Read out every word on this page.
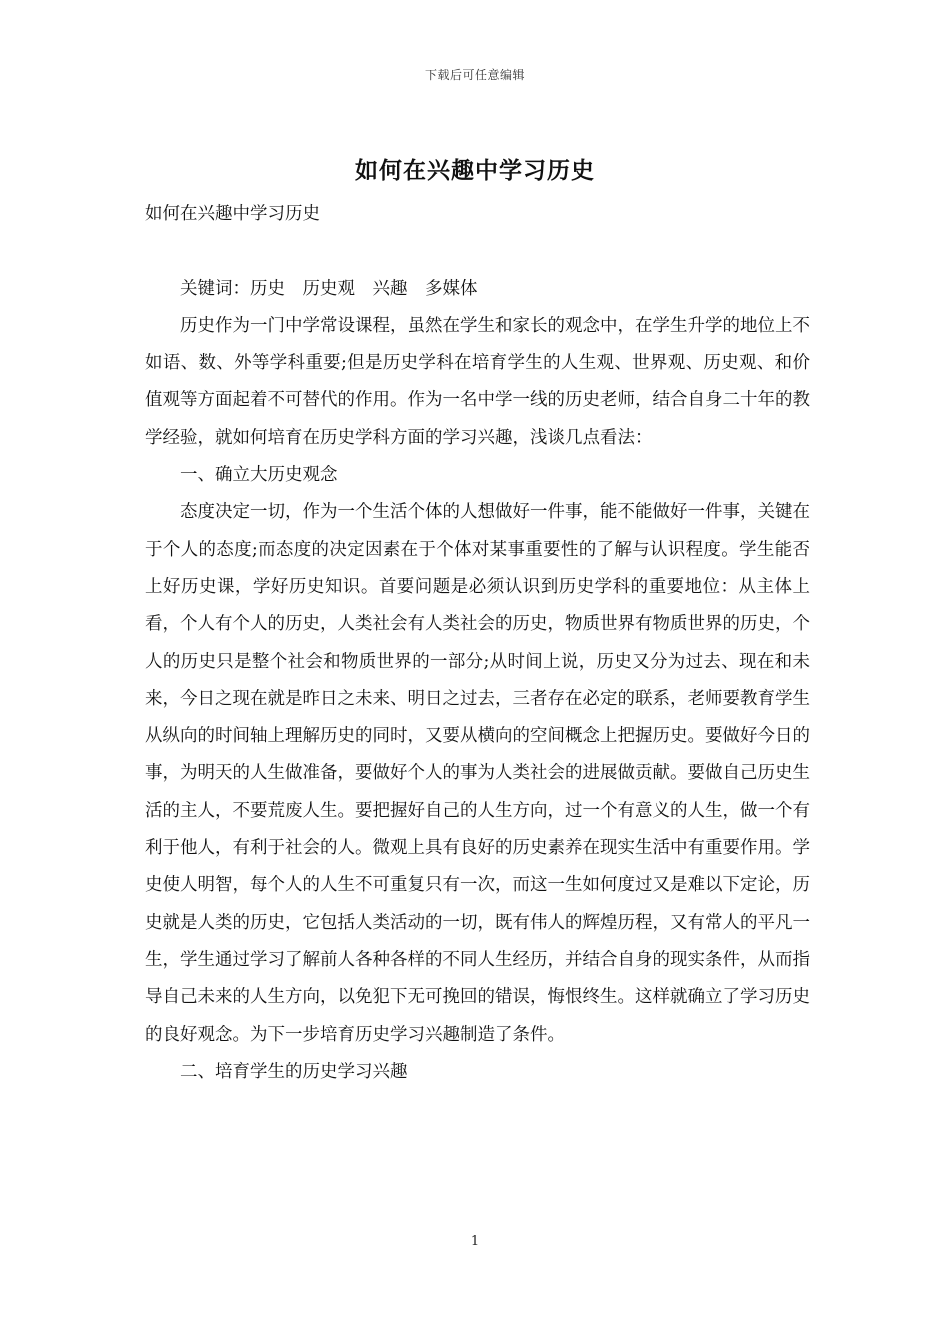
下载后可任意编辑
如何在兴趣中学习历史

如何在兴趣中学习历史

关键词：历史 历史观 兴趣 多媒体

历史作为一门中学常设课程，虽然在学生和家长的观念中，在学生升学的地位上不如语、数、外等学科重要;但是历史学科在培育学生的人生观、世界观、历史观、和价值观等方面起着不可替代的作用。作为一名中学一线的历史老师，结合自身二十年的教学经验，就如何培育在历史学科方面的学习兴趣，浅谈几点看法：

一、确立大历史观念

态度决定一切，作为一个生活个体的人想做好一件事，能不能做好一件事，关键在于个人的态度;而态度的决定因素在于个体对某事重要性的了解与认识程度。学生能否上好历史课，学好历史知识。首要问题是必须认识到历史学科的重要地位：从主体上看，个人有个人的历史，人类社会有人类社会的历史，物质世界有物质世界的历史，个人的历史只是整个社会和物质世界的一部分;从时间上说，历史又分为过去、现在和未来，今日之现在就是昨日之未来、明日之过去，三者存在必定的联系，老师要教育学生从纵向的时间轴上理解历史的同时，又要从横向的空间概念上把握历史。要做好今日的事，为明天的人生做准备，要做好个人的事为人类社会的进展做贡献。要做自己历史生活的主人，不要荒废人生。要把握好自己的人生方向，过一个有意义的人生，做一个有利于他人，有利于社会的人。微观上具有良好的历史素养在现实生活中有重要作用。学史使人明智，每个人的人生不可重复只有一次，而这一生如何度过又是难以下定论，历史就是人类的历史，它包括人类活动的一切，既有伟人的辉煌历程，又有常人的平凡一生，学生通过学习了解前人各种各样的不同人生经历，并结合自身的现实条件，从而指导自己未来的人生方向，以免犯下无可挽回的错误，悔恨终生。这样就确立了学习历史的良好观念。为下一步培育历史学习兴趣制造了条件。

二、培育学生的历史学习兴趣

1
